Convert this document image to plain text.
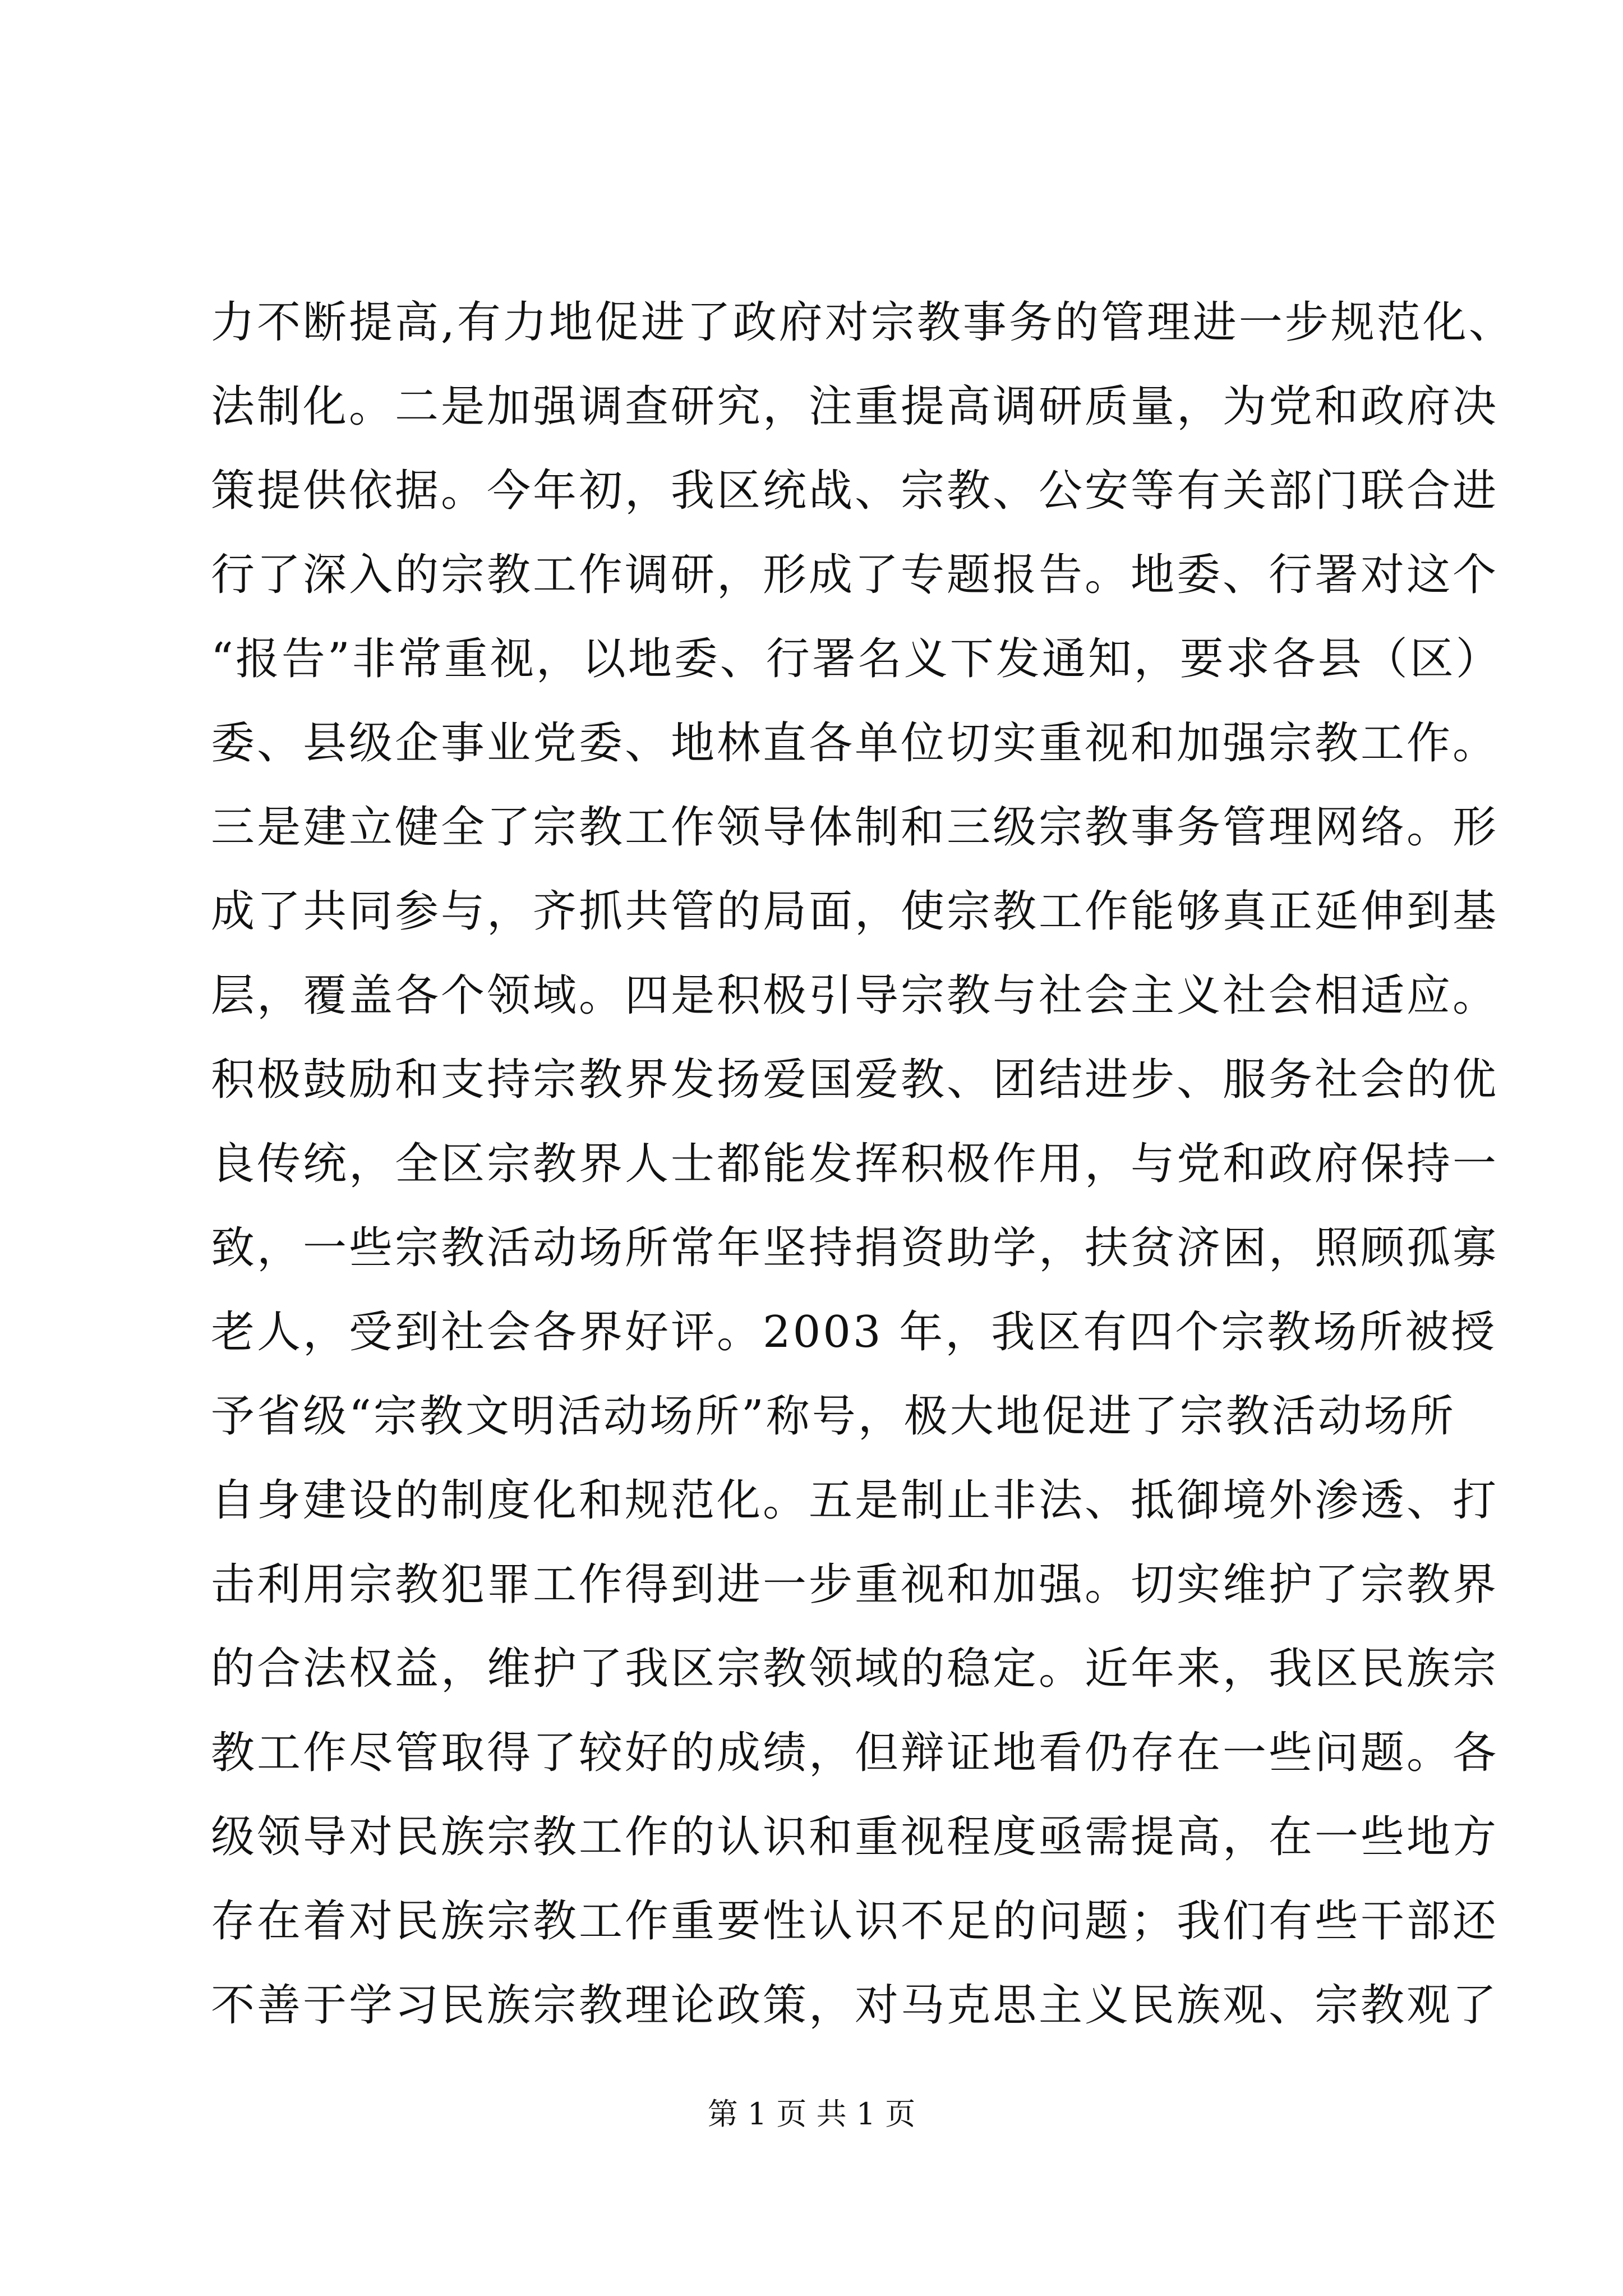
力不断提高,有力地促进了政府对宗教事务的管理进一步规范化、
法制化。二是加强调查研究，注重提高调研质量，为党和政府决
策提供依据。今年初，我区统战、宗教、公安等有关部门联合进
行了深入的宗教工作调研，形成了专题报告。地委、行署对这个
“报告”非常重视，以地委、行署名义下发通知，要求各县（区）
委、县级企事业党委、地林直各单位切实重视和加强宗教工作。
三是建立健全了宗教工作领导体制和三级宗教事务管理网络。形
成了共同参与，齐抓共管的局面，使宗教工作能够真正延伸到基
层，覆盖各个领域。四是积极引导宗教与社会主义社会相适应。
积极鼓励和支持宗教界发扬爱国爱教、团结进步、服务社会的优
良传统，全区宗教界人士都能发挥积极作用，与党和政府保持一
致，一些宗教活动场所常年坚持捐资助学，扶贫济困，照顾孤寡
老人，受到社会各界好评。2003 年，我区有四个宗教场所被授
予省级“宗教文明活动场所”称号，极大地促进了宗教活动场所
自身建设的制度化和规范化。五是制止非法、抵御境外渗透、打
击利用宗教犯罪工作得到进一步重视和加强。切实维护了宗教界
的合法权益，维护了我区宗教领域的稳定。近年来，我区民族宗
教工作尽管取得了较好的成绩，但辩证地看仍存在一些问题。各
级领导对民族宗教工作的认识和重视程度亟需提高，在一些地方
存在着对民族宗教工作重要性认识不足的问题；我们有些干部还
不善于学习民族宗教理论政策，对马克思主义民族观、宗教观了
第 1 页 共 1 页
